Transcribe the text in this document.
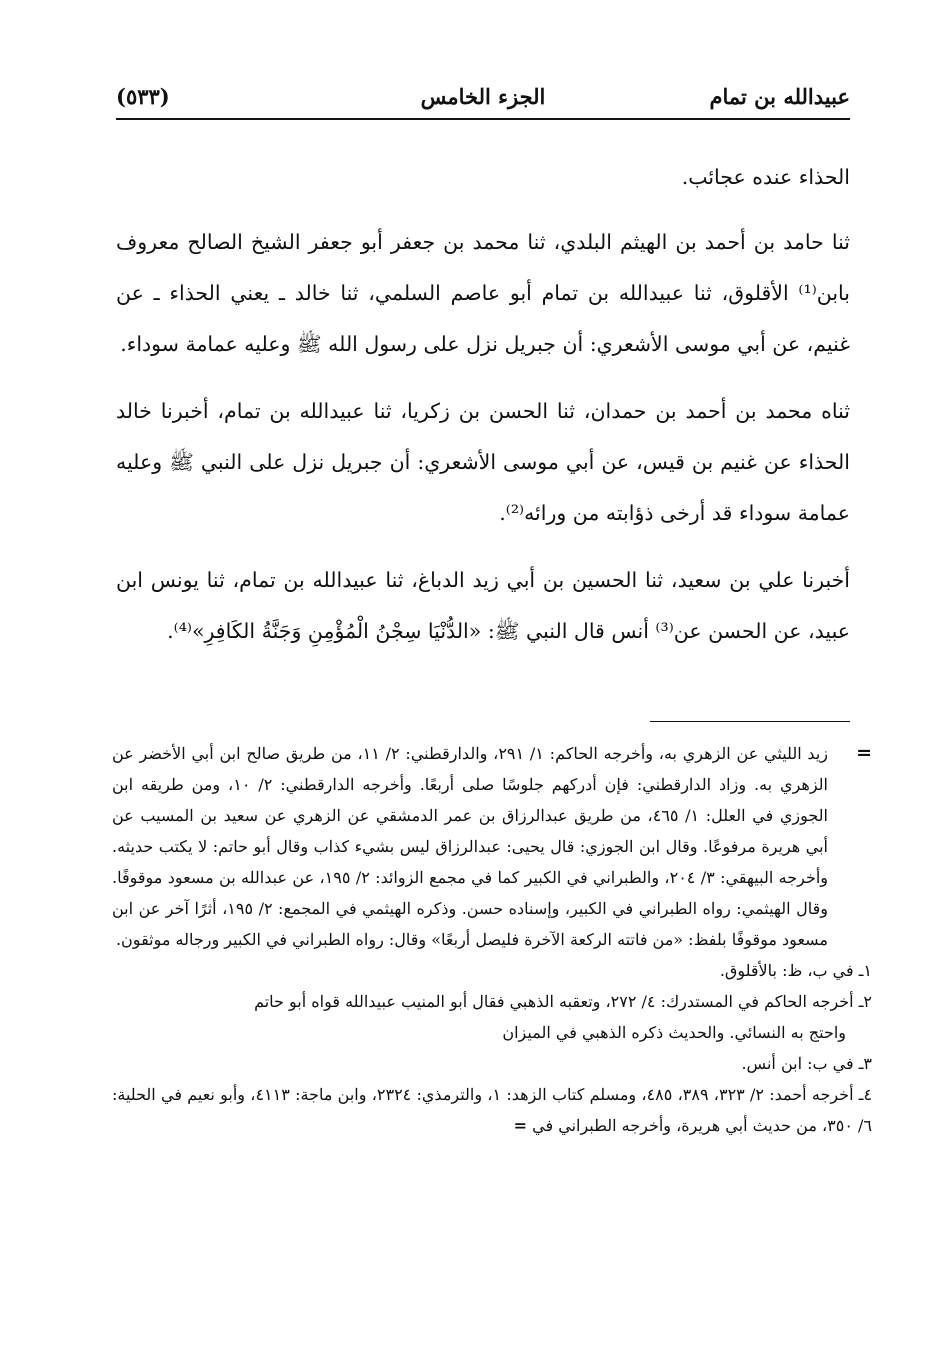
عبيدالله بن تمام
الجزء الخامس
(٥٣٣)

الحذاء عنده عجائب.

ثنا حامد بن أحمد بن الهيثم البلدي، ثنا محمد بن جعفر أبو جعفر الشيخ الصالح معروف بابن⁽¹⁾ الأقلوق، ثنا عبيدالله بن تمام أبو عاصم السلمي، ثنا خالد ـ يعني الحذاء ـ عن غنيم، عن أبي موسى الأشعري: أن جبريل نزل على رسول الله ﷺ وعليه عمامة سوداء.

ثناه محمد بن أحمد بن حمدان، ثنا الحسن بن زكريا، ثنا عبيدالله بن تمام، أخبرنا خالد الحذاء عن غنيم بن قيس، عن أبي موسى الأشعري: أن جبريل نزل على النبي ﷺ وعليه عمامة سوداء قد أرخى ذؤابته من ورائه⁽²⁾.

أخبرنا علي بن سعيد، ثنا الحسين بن أبي زيد الدباغ، ثنا عبيدالله بن تمام، ثنا يونس ابن عبيد، عن الحسن عن⁽³⁾ أنس قال النبي ﷺ: «الدُّنْيَا سِجْنُ الْمُؤْمِنِ وَجَنَّةُ الكَافِرِ»⁽⁴⁾.

=
زيد الليثي عن الزهري به، وأخرجه الحاكم: ١/ ٢٩١، والدارقطني: ٢/ ١١، من طريق صالح ابن أبي الأخضر عن الزهري به. وزاد الدارقطني: فإن أدركهم جلوسًا صلى أربعًا. وأخرجه الدارقطني: ٢/ ١٠، ومن طريقه ابن الجوزي في العلل: ١/ ٤٦٥، من طريق عبدالرزاق بن عمر الدمشقي عن الزهري عن سعيد بن المسيب عن أبي هريرة مرفوعًا. وقال ابن الجوزي: قال يحيى: عبدالرزاق ليس بشيء كذاب وقال أبو حاتم: لا يكتب حديثه. وأخرجه البيهقي: ٣/ ٢٠٤، والطبراني في الكبير كما في مجمع الزوائد: ٢/ ١٩٥، عن عبدالله بن مسعود موقوفًا. وقال الهيثمي: رواه الطبراني في الكبير، وإسناده حسن. وذكره الهيثمي في المجمع: ٢/ ١٩٥، أثرًا آخر عن ابن مسعود موقوفًا بلفظ: «من فاتته الركعة الآخرة فليصل أربعًا» وقال: رواه الطبراني في الكبير ورجاله موثقون.
١ـ في ب، ظ: بالأقلوق.
٢ـ أخرجه الحاكم في المستدرك: ٤/ ٢٧٢، وتعقبه الذهبي فقال أبو المنيب عبيدالله قواه أبو حاتم
واحتج به النسائي. والحديث ذكره الذهبي في الميزان
٣ـ في ب: ابن أنس.
٤ـ أخرجه أحمد: ٢/ ٣٢٣، ٣٨٩، ٤٨٥، ومسلم كتاب الزهد: ١، والترمذي: ٢٣٢٤، وابن ماجة: ٤١١٣، وأبو نعيم في الحلية: ٦/ ٣٥٠، من حديث أبي هريرة، وأخرجه الطبراني في =
